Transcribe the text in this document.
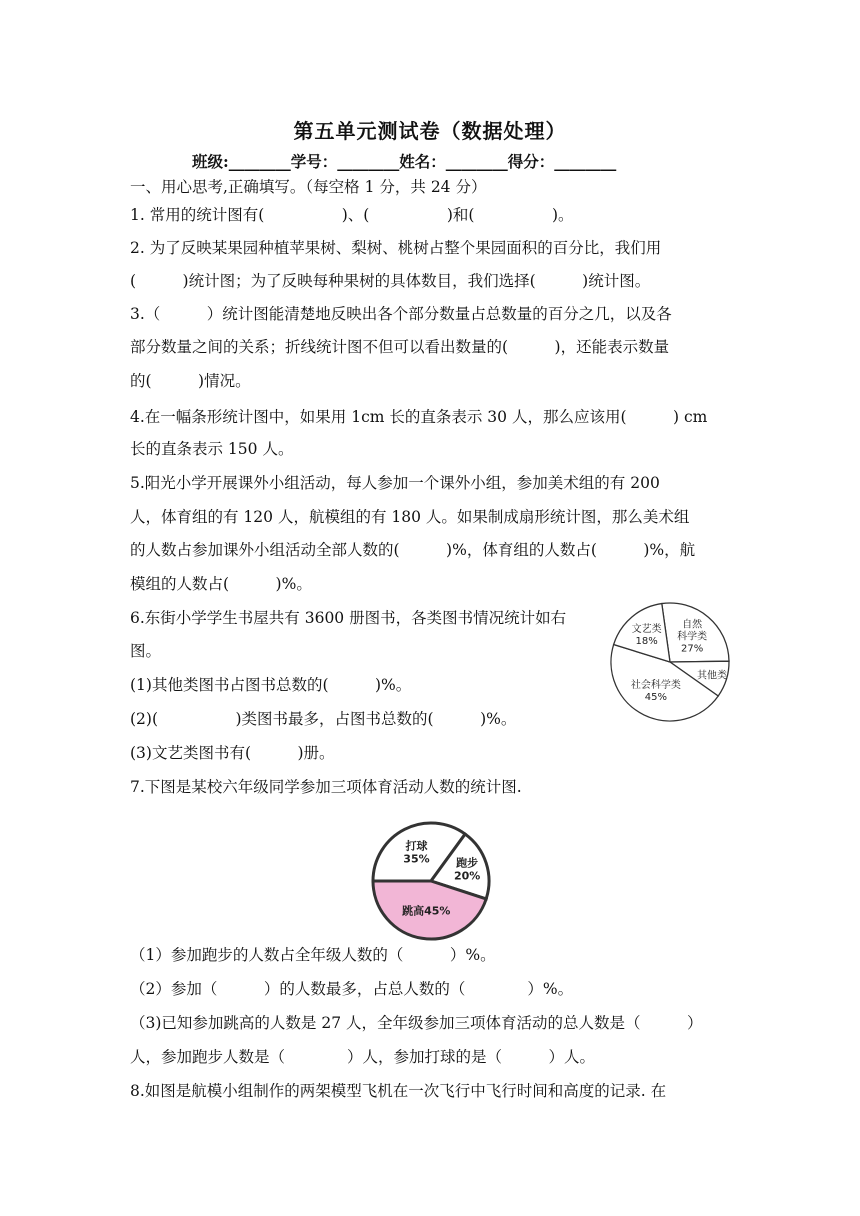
第五单元测试卷（数据处理）
班级:________学号：________姓名：________得分：________
一、用心思考,正确填写。（每空格 1 分，共 24 分）
1. 常用的统计图有(　　　　　)、(　　　　　)和(　　　　　)。
2. 为了反映某果园种植苹果树、梨树、桃树占整个果园面积的百分比，我们用
(　　　)统计图；为了反映每种果树的具体数目，我们选择(　　　)统计图。
3.（　　　）统计图能清楚地反映出各个部分数量占总数量的百分之几，以及各
部分数量之间的关系；折线统计图不但可以看出数量的(　　　)，还能表示数量
的(　　　)情况。
4.在一幅条形统计图中，如果用 1cm 长的直条表示 30 人，那么应该用(　　　) cm
长的直条表示 150 人。
5.阳光小学开展课外小组活动，每人参加一个课外小组，参加美术组的有 200
人，体育组的有 120 人，航模组的有 180 人。如果制成扇形统计图，那么美术组
的人数占参加课外小组活动全部人数的(　　　)%，体育组的人数占(　　　)%，航
模组的人数占(　　　)%。
6.东街小学学生书屋共有 3600 册图书，各类图书情况统计如右
图。
(1)其他类图书占图书总数的(　　　)%。
(2)(　　　　　)类图书最多，占图书总数的(　　　)%。
(3)文艺类图书有(　　　)册。
7.下图是某校六年级同学参加三项体育活动人数的统计图.
（1）参加跑步的人数占全年级人数的（　　　）%。
（2）参加（　　　）的人数最多，占总人数的（　　　　）%。
（3)已知参加跳高的人数是 27 人，全年级参加三项体育活动的总人数是（　　　）
人，参加跑步人数是（　　　　）人，参加打球的是（　　　）人。
8.如图是航模小组制作的两架模型飞机在一次飞行中飞行时间和高度的记录. 在
自然
科学类
27%
其他类
社会科学类
45%
文艺类
18%
打球
35% 跑步
20%
跳高45%
